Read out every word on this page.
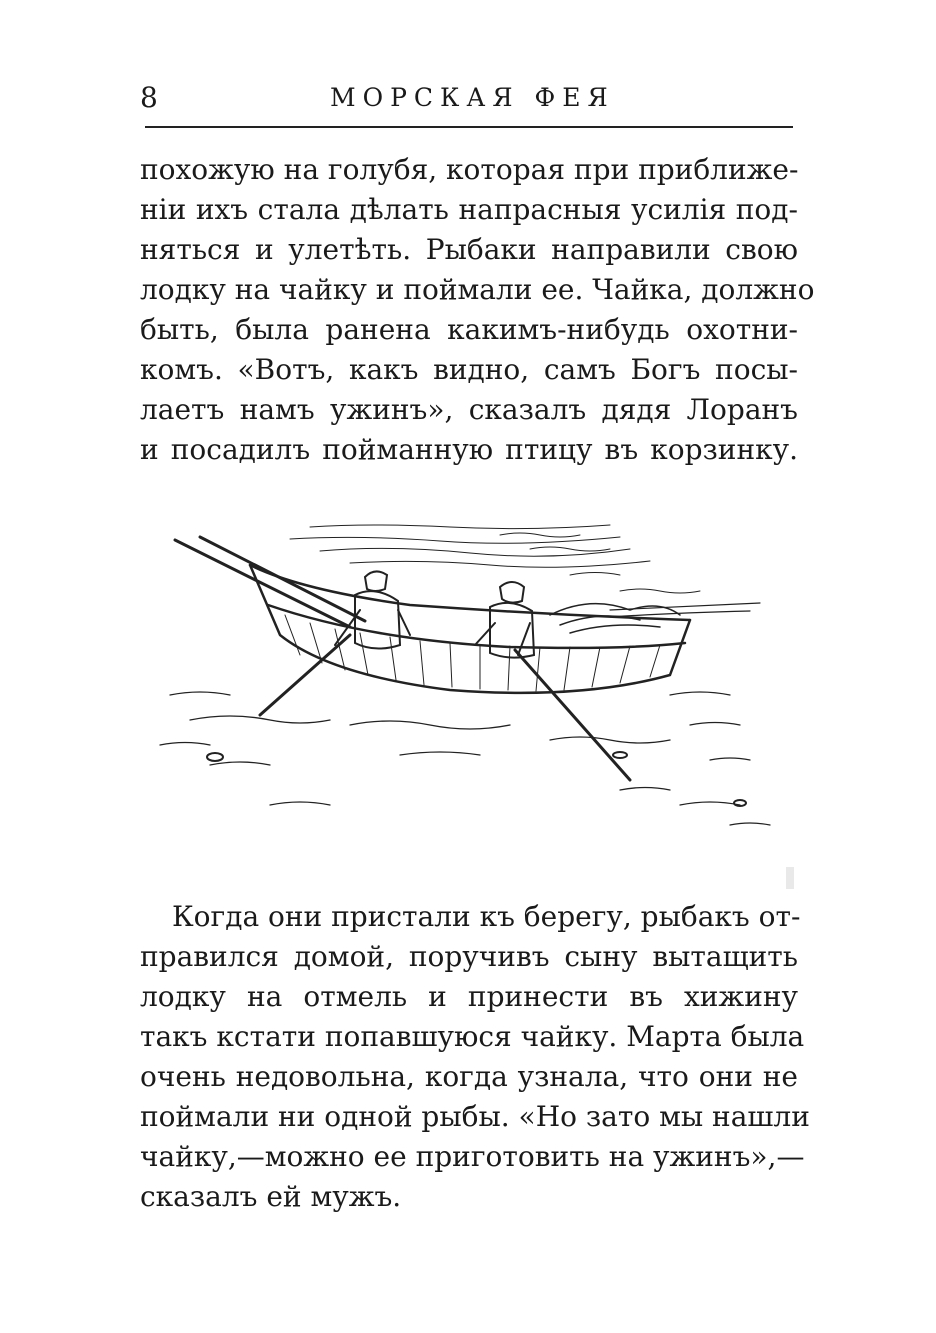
8	МОРСКАЯ ФЕЯ

похожую на голубя, которая при приближе-
нiи ихъ стала дѣлать напрасныя усилiя под-
няться и улетѣть. Рыбаки направили свою
лодку на чайку и поймали ее. Чайка, должно
быть, была ранена какимъ-нибудь охотни-
комъ. «Вотъ, какъ видно, самъ Богъ посы-
лаетъ намъ ужинъ», сказалъ дядя Лоранъ
и посадилъ пойманную птицу въ корзинку.

Когда они пристали къ берегу, рыбакъ от-
правился домой, поручивъ сыну вытащить
лодку на отмель и принести въ хижину
такъ кстати попавшуюся чайку. Марта была
очень недовольна, когда узнала, что они не
поймали ни одной рыбы. «Но зато мы нашли
чайку,—можно ее приготовить на ужинъ»,—
сказалъ ей мужъ.
